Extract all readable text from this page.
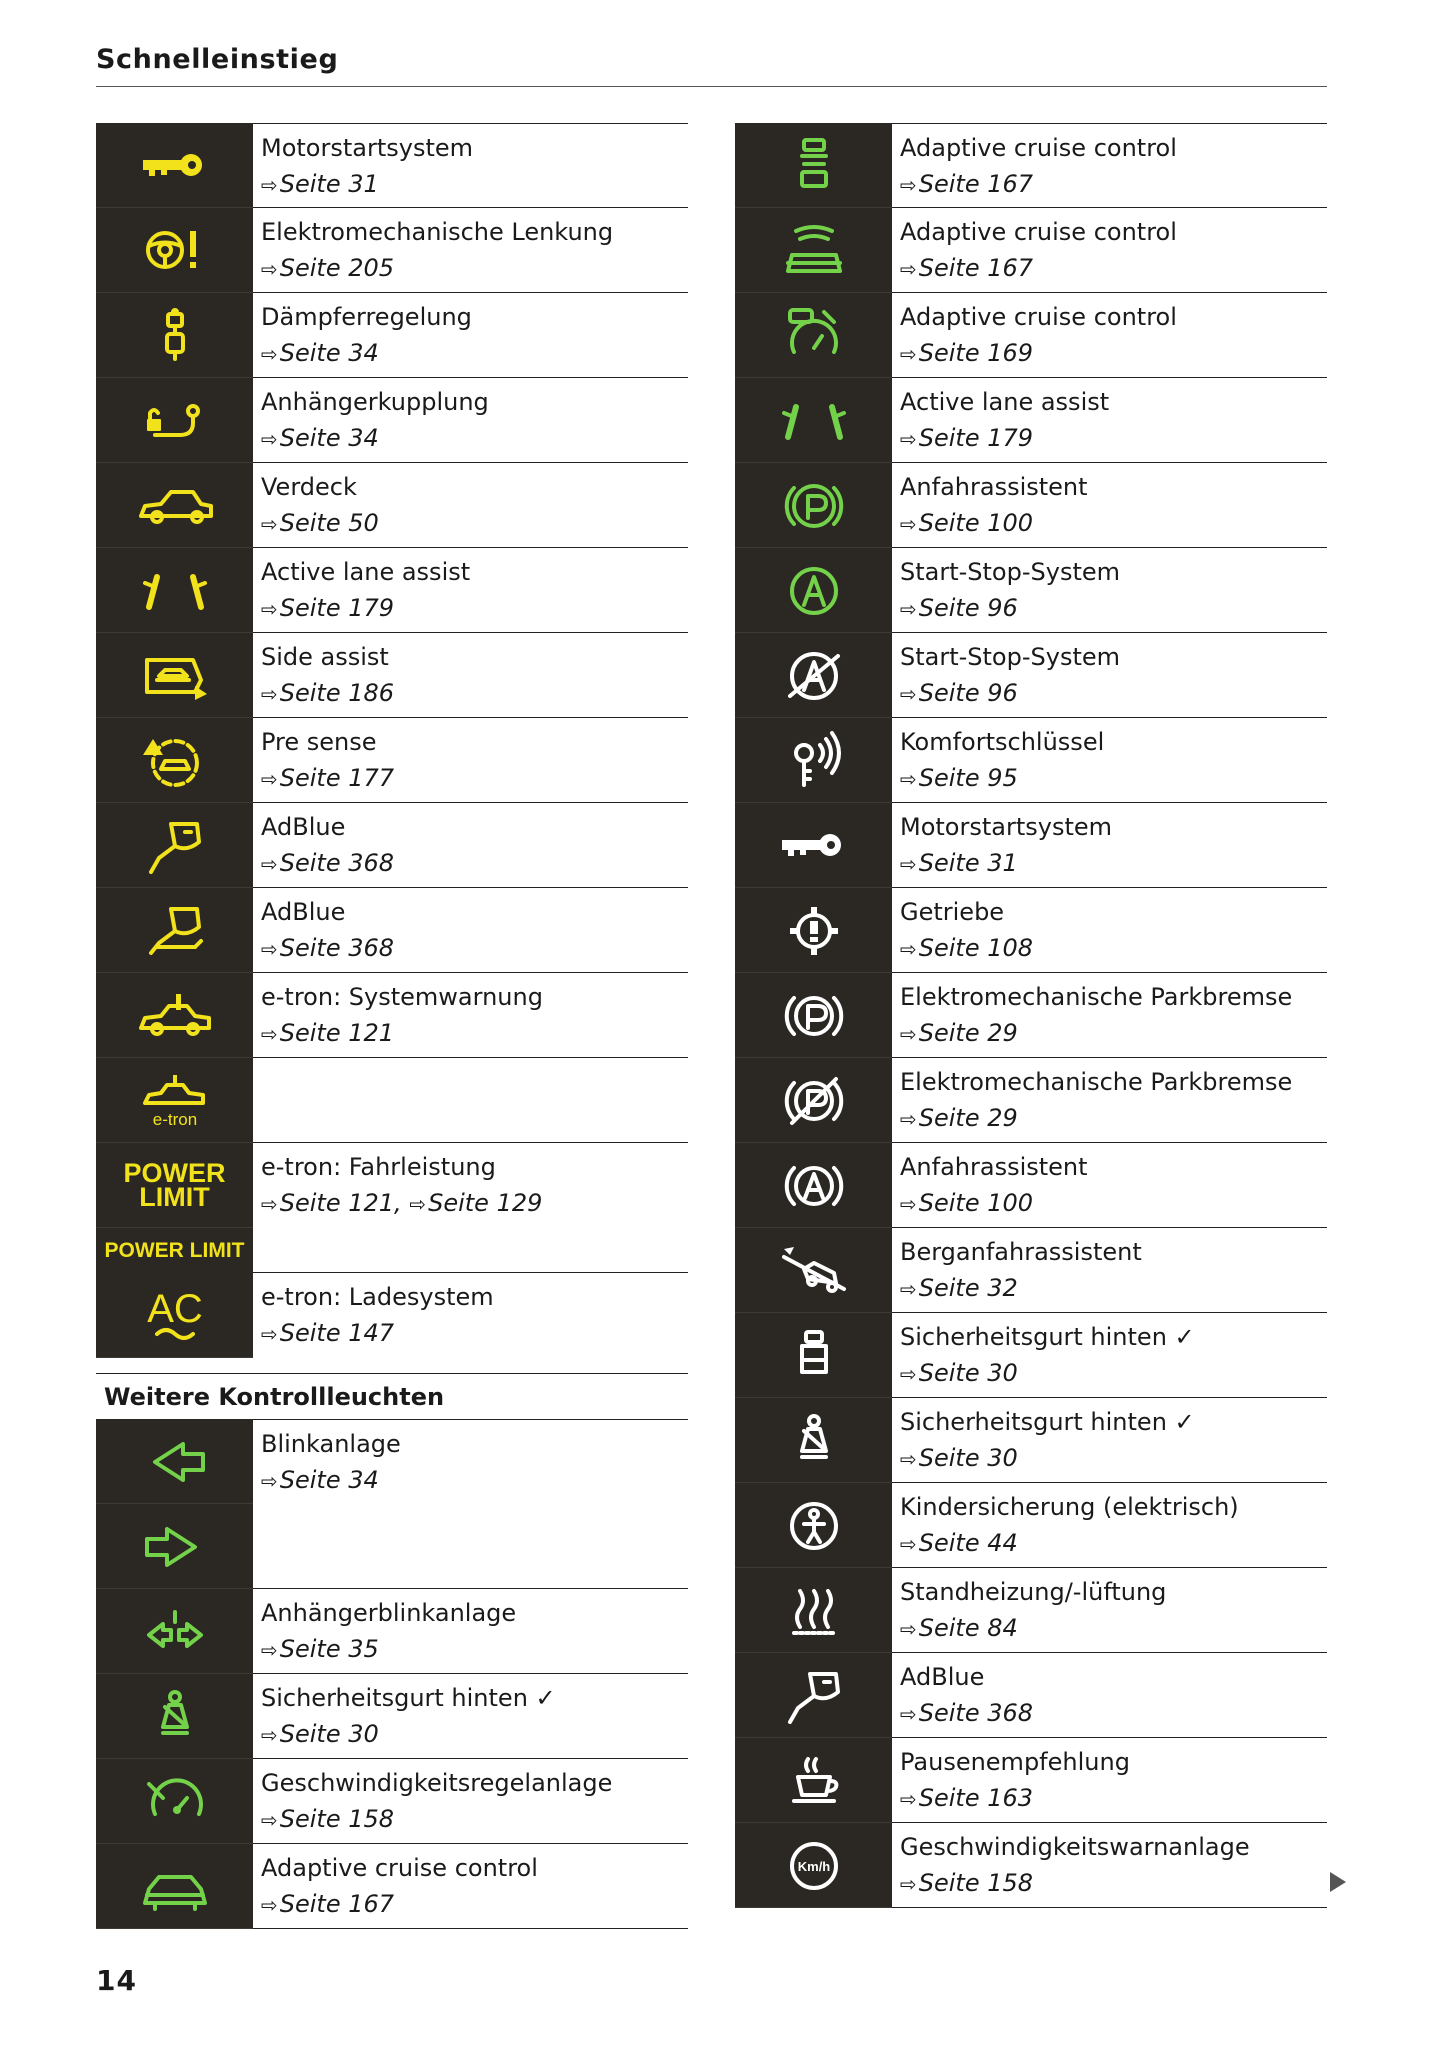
Schnelleinstieg
Motorstartsystem
⇨Seite 31
Elektromechanische Lenkung
⇨Seite 205
Dämpferregelung
⇨Seite 34
Anhängerkupplung
⇨Seite 34
Verdeck
⇨Seite 50
Active lane assist
⇨Seite 179
Side assist
⇨Seite 186
Pre sense
⇨Seite 177
AdBlue
⇨Seite 368
AdBlue
⇨Seite 368
e-tron: Systemwarnung
⇨Seite 121
e-tron
POWER
LIMIT
POWER LIMIT
e-tron: Fahrleistung
⇨Seite 121, ⇨Seite 129
AC e-tron: Ladesystem
⇨Seite 147
Weitere Kontrollleuchten
Blinkanlage
⇨Seite 34
Anhängerblinkanlage
⇨Seite 35
Sicherheitsgurt hinten ✓
⇨Seite 30
Geschwindigkeitsregelanlage
⇨Seite 158
Adaptive cruise control
⇨Seite 167
Adaptive cruise control
⇨Seite 167
Adaptive cruise control
⇨Seite 167
Adaptive cruise control
⇨Seite 169
Active lane assist
⇨Seite 179
Anfahrassistent
⇨Seite 100
Start-Stop-System
⇨Seite 96
Start-Stop-System
⇨Seite 96
Komfortschlüssel
⇨Seite 95
Motorstartsystem
⇨Seite 31
Getriebe
⇨Seite 108
Elektromechanische Parkbremse
⇨Seite 29
Elektromechanische Parkbremse
⇨Seite 29
Anfahrassistent
⇨Seite 100
Berganfahrassistent
⇨Seite 32
Sicherheitsgurt hinten ✓
⇨Seite 30
Sicherheitsgurt hinten ✓
⇨Seite 30
Kindersicherung (elektrisch)
⇨Seite 44
Standheizung/-lüftung
⇨Seite 84
AdBlue
⇨Seite 368
Pausenempfehlung
⇨Seite 163
Km/h
Geschwindigkeitswarnanlage
⇨Seite 158
14
